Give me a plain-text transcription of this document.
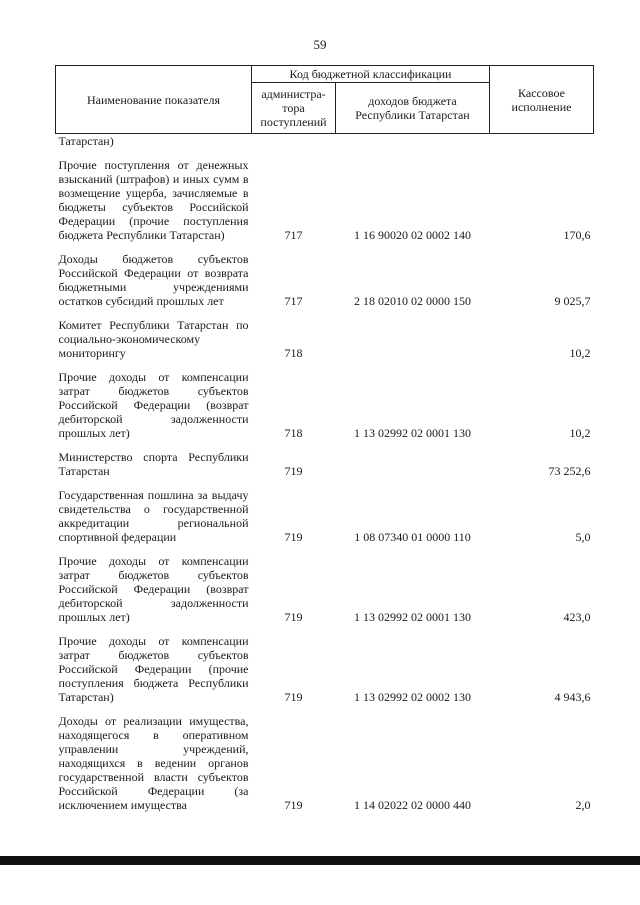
59
Наименование показателя	Код бюджетной классификации		Кассовое исполнение
	администра-тора поступлений	доходов бюджета Республики Татарстан	
Татарстан)			
Прочие поступления от денежных взысканий (штрафов) и иных сумм в возмещение ущерба, зачисляемые в бюджеты субъектов Российской Федерации (прочие поступления бюджета Республики Татарстан)	717	1 16 90020 02 0002 140	170,6
Доходы бюджетов субъектов Российской Федерации от возврата бюджетными учреждениями остатков субсидий прошлых лет	717	2 18 02010 02 0000 150	9 025,7
Комитет Республики Татарстан по социально-экономическому мониторингу	718		10,2
Прочие доходы от компенсации затрат бюджетов субъектов Российской Федерации (возврат дебиторской задолженности прошлых лет)	718	1 13 02992 02 0001 130	10,2
Министерство спорта Республики Татарстан	719		73 252,6
Государственная пошлина за выдачу свидетельства о государственной аккредитации региональной спортивной федерации	719	1 08 07340 01 0000 110	5,0
Прочие доходы от компенсации затрат бюджетов субъектов Российской Федерации (возврат дебиторской задолженности прошлых лет)	719	1 13 02992 02 0001 130	423,0
Прочие доходы от компенсации затрат бюджетов субъектов Российской Федерации (прочие поступления бюджета Республики Татарстан)	719	1 13 02992 02 0002 130	4 943,6
Доходы от реализации имущества, находящегося в оперативном управлении учреждений, находящихся в ведении органов государственной власти субъектов Российской Федерации (за исключением имущества	719	1 14 02022 02 0000 440	2,0
